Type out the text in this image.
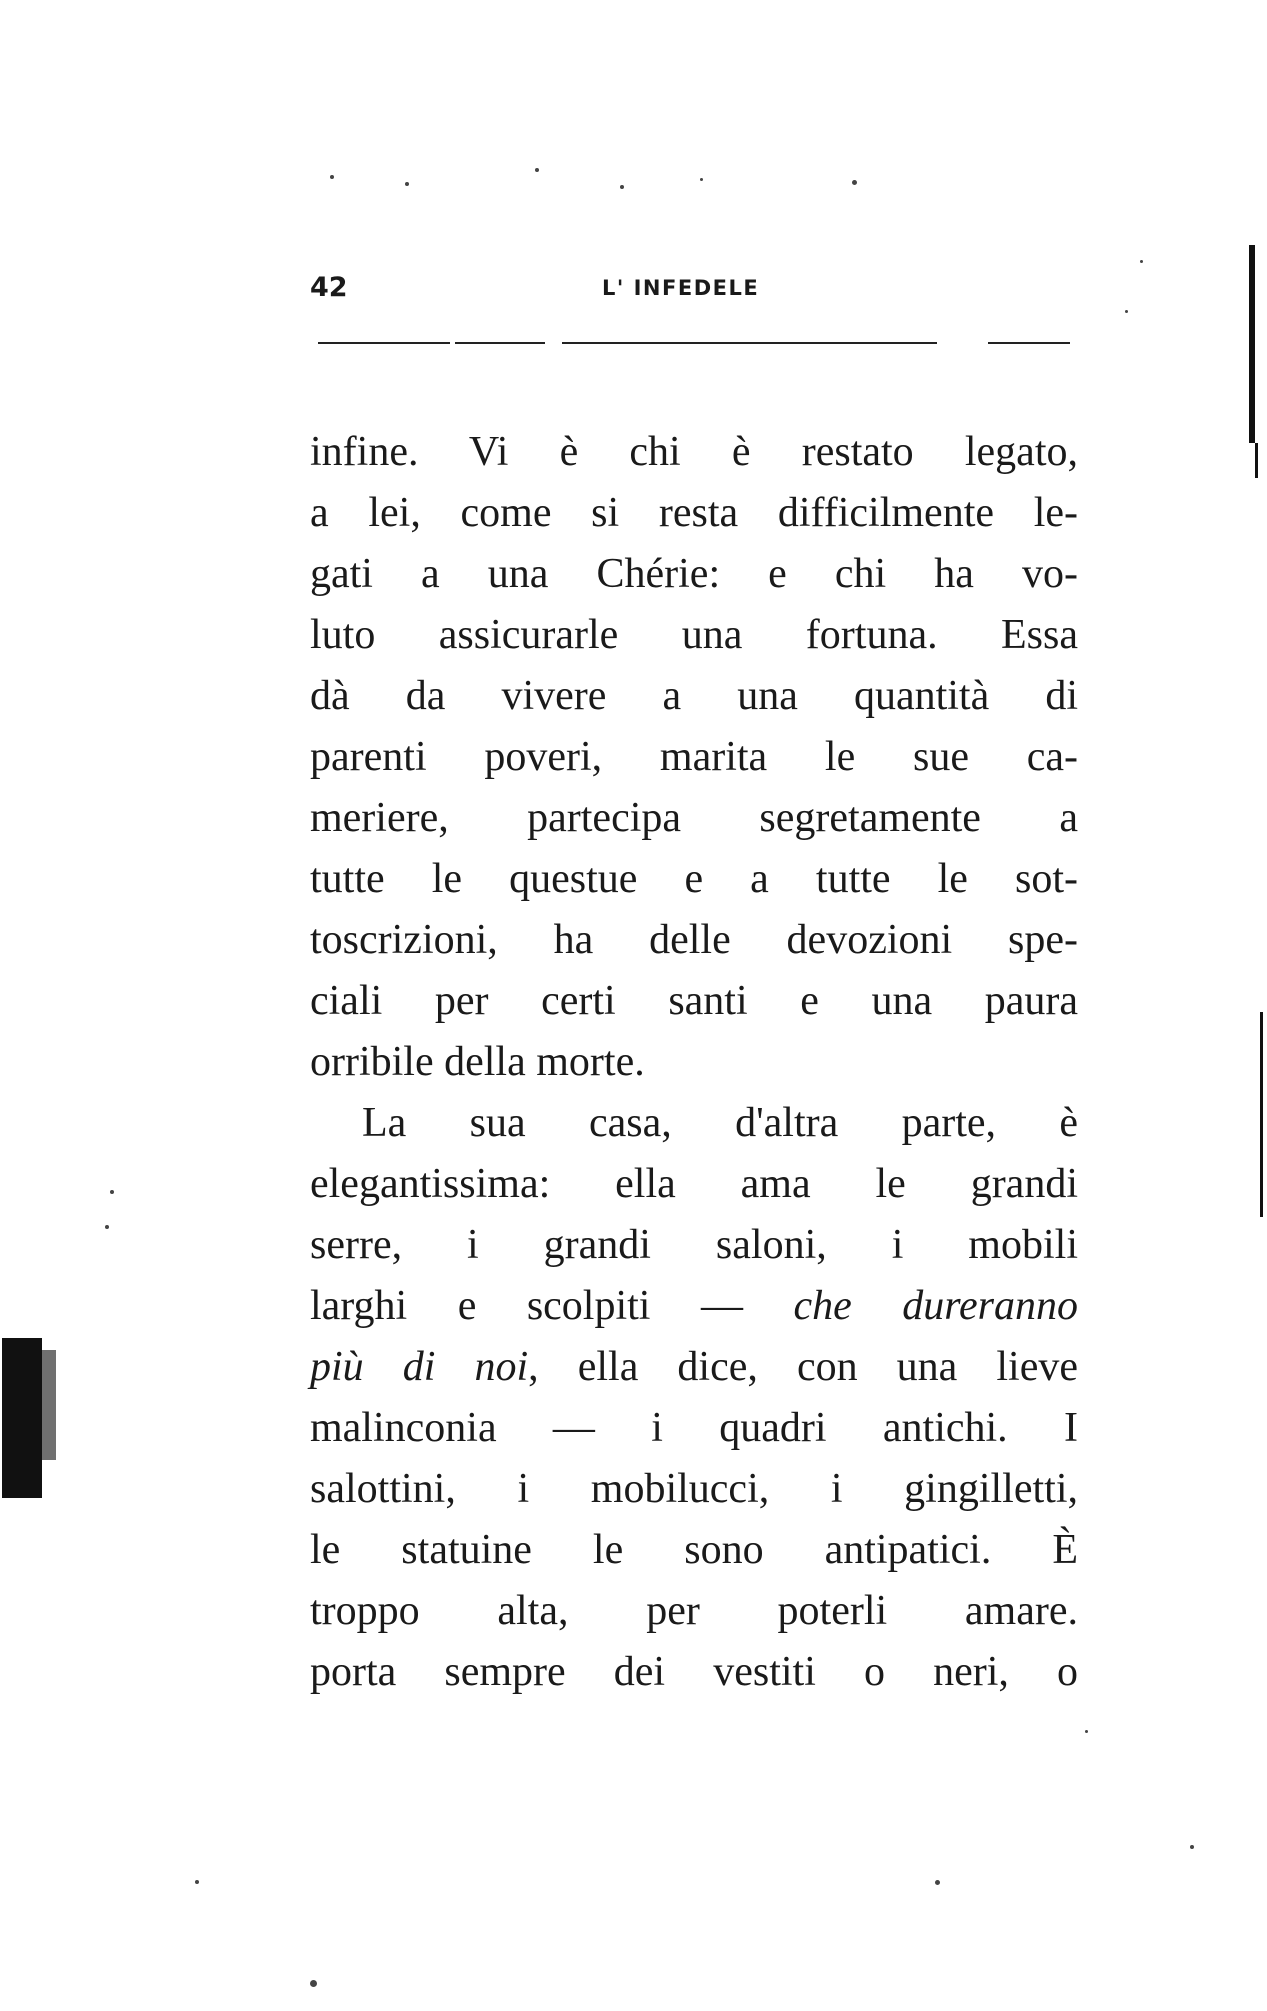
42	L' INFEDELE
infine. Vi è chi è restato legato,
a lei, come si resta difficilmente le-
gati a una Chérie: e chi ha vo-
luto assicurarle una fortuna. Essa
dà da vivere a una quantità di
parenti poveri, marita le sue ca-
meriere, partecipa segretamente a
tutte le questue e a tutte le sot-
toscrizioni, ha delle devozioni spe-
ciali per certi santi e una paura
orribile della morte.
La sua casa, d'altra parte, è
elegantissima: ella ama le grandi
serre, i grandi saloni, i mobili
larghi e scolpiti — che dureranno
più di noi, ella dice, con una lieve
malinconia — i quadri antichi. I
salottini, i mobilucci, i gingilletti,
le statuine le sono antipatici. È
troppo alta, per poterli amare.
porta sempre dei vestiti o neri, o
